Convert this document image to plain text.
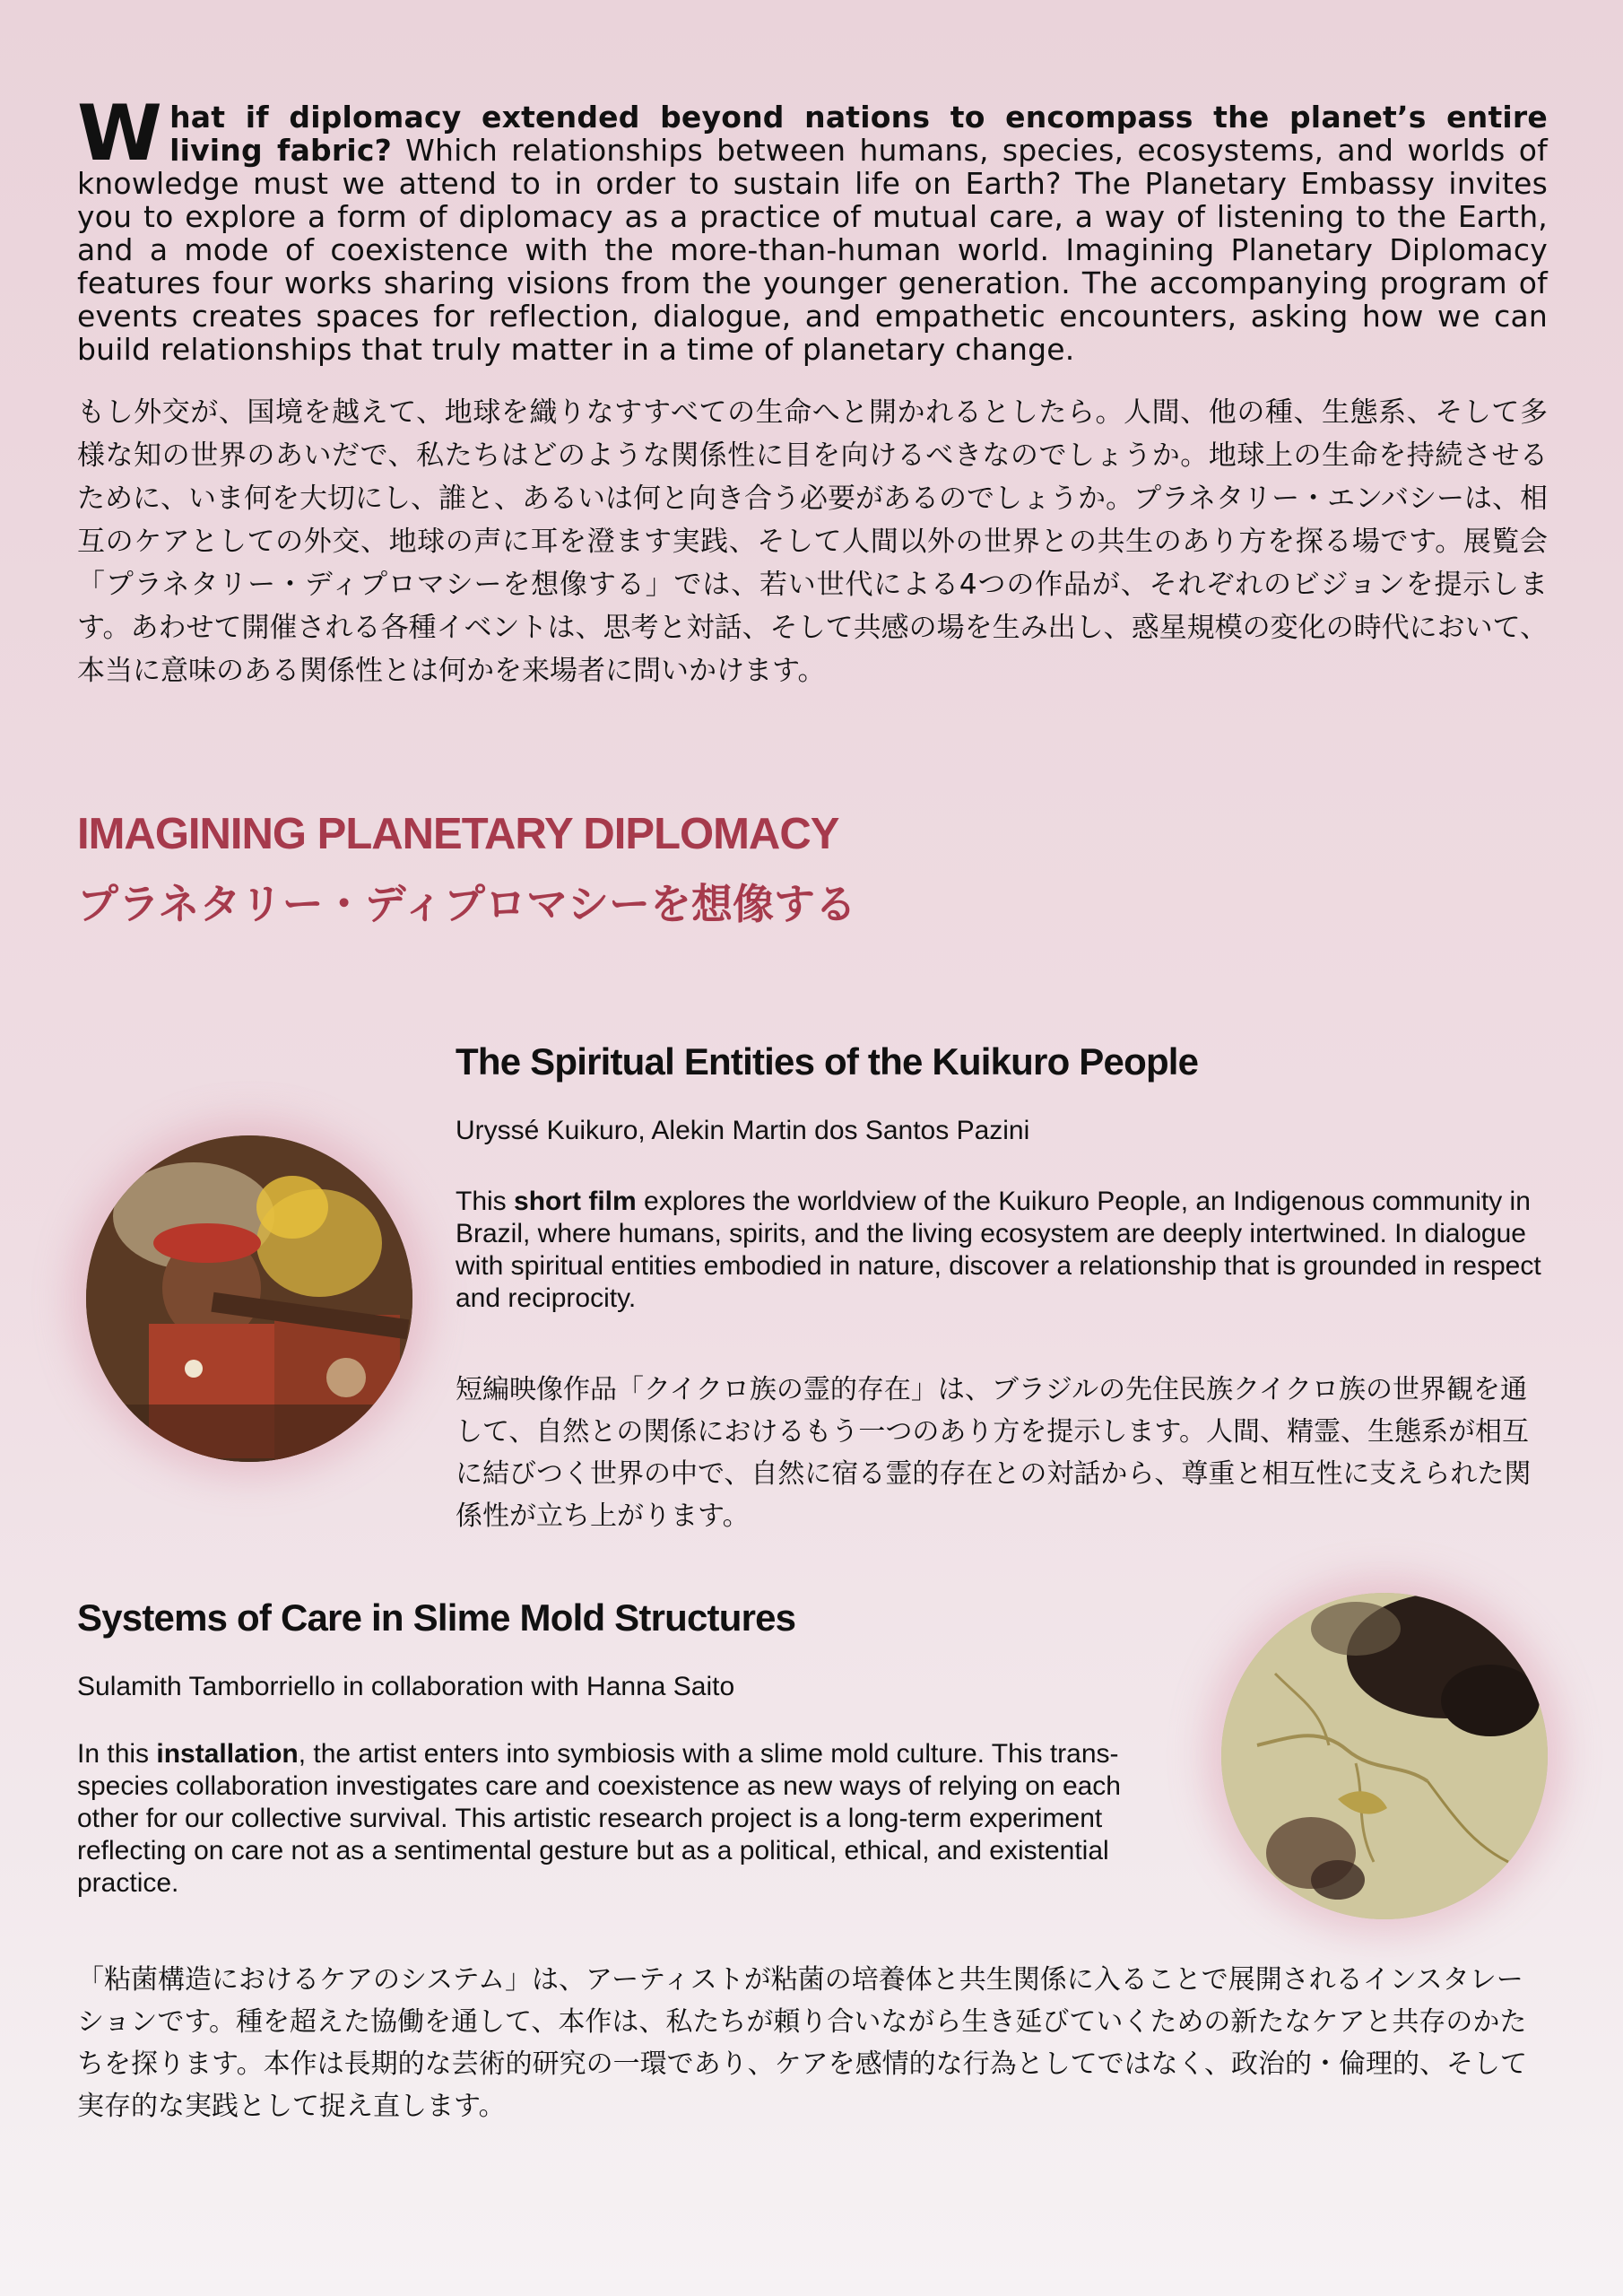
What if diplomacy extended beyond nations to encompass the planet’s entire living fabric? Which relationships between humans, species, ecosystems, and worlds of knowledge must we attend to in order to sustain life on Earth? The Planetary Embassy invites you to explore a form of diplomacy as a practice of mutual care, a way of listening to the Earth, and a mode of coexistence with the more-than-human world. Imagining Planetary Diplomacy features four works sharing visions from the younger generation. The accompanying program of events creates spaces for reflection, dialogue, and empathetic encounters, asking how we can build relationships that truly matter in a time of planetary change.
もし外交が、国境を越えて、地球を織りなすすべての生命へと開かれるとしたら。人間、他の種、生態系、そして多様な知の世界のあいだで、私たちはどのような関係性に目を向けるべきなのでしょうか。地球上の生命を持続させるために、いま何を大切にし、誰と、あるいは何と向き合う必要があるのでしょうか。プラネタリー・エンバシーは、相互のケアとしての外交、地球の声に耳を澄ます実践、そして人間以外の世界との共生のあり方を探る場です。展覧会「プラネタリー・ディプロマシーを想像する」では、若い世代による4つの作品が、それぞれのビジョンを提示します。あわせて開催される各種イベントは、思考と対話、そして共感の場を生み出し、惑星規模の変化の時代において、本当に意味のある関係性とは何かを来場者に問いかけます。
IMAGINING PLANETARY DIPLOMACY
プラネタリー・ディプロマシーを想像する

The Spiritual Entities of the Kuikuro People

Uryssé Kuikuro, Alekin Martin dos Santos Pazini

This short film explores the worldview of the Kuikuro People, an Indigenous community in Brazil, where humans, spirits, and the living ecosystem are deeply intertwined. In dialogue with spiritual entities embodied in nature, discover a relationship that is grounded in respect and reciprocity.

短編映像作品「クイクロ族の霊的存在」は、ブラジルの先住民族クイクロ族の世界観を通して、自然との関係におけるもう一つのあり方を提示します。人間、精霊、生態系が相互に結びつく世界の中で、自然に宿る霊的存在との対話から、尊重と相互性に支えられた関係性が立ち上がります。

Systems of Care in Slime Mold Structures

Sulamith Tamborriello in collaboration with Hanna Saito

In this installation, the artist enters into symbiosis with a slime mold culture. This trans-species collaboration investigates care and coexistence as new ways of relying on each other for our collective survival. This artistic research project is a long-term experiment reflecting on care not as a sentimental gesture but as a political, ethical, and existential practice.

「粘菌構造におけるケアのシステム」は、アーティストが粘菌の培養体と共生関係に入ることで展開されるインスタレーションです。種を超えた協働を通して、本作は、私たちが頼り合いながら生き延びていくための新たなケアと共存のかたちを探ります。本作は長期的な芸術的研究の一環であり、ケアを感情的な行為としてではなく、政治的・倫理的、そして実存的な実践として捉え直します。
